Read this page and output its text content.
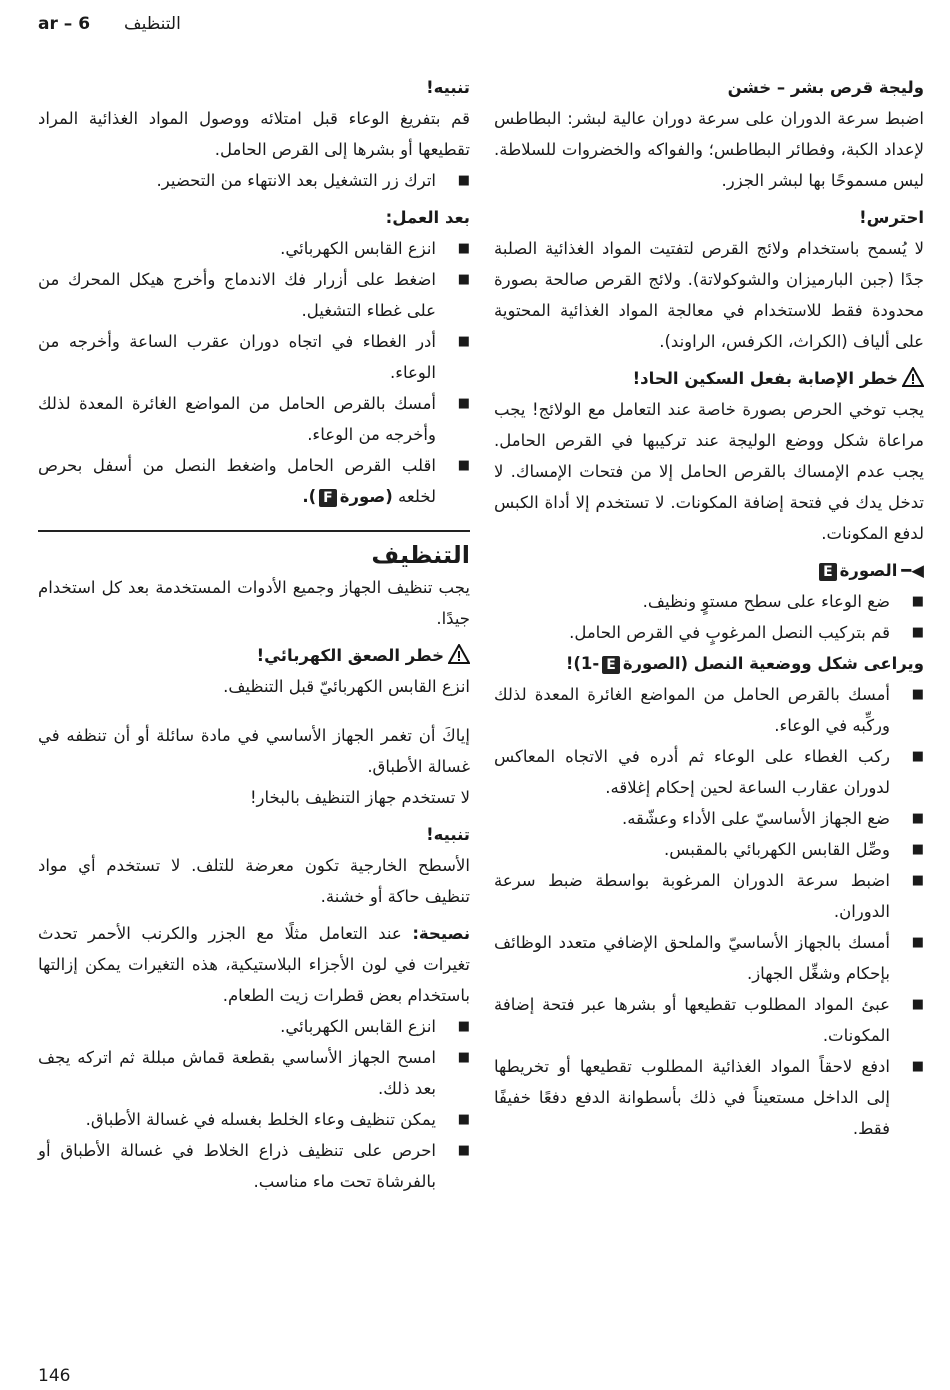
ar – 6 التنظيف

وليجة قرص بشر – خشن

اضبط سرعة الدوران على سرعة دوران عالية لبشر: البطاطس لإعداد الكبة، وفطائر البطاطس؛ والفواكه والخضروات للسلاطة. ليس مسموحًا بها لبشر الجزر.

احترس!

لا يُسمح باستخدام ولائج القرص لتفتيت المواد الغذائية الصلبة جدًا (جبن البارميزان والشوكولاتة). ولائج القرص صالحة بصورة محدودة فقط للاستخدام في معالجة المواد الغذائية المحتوية على ألياف (الكراث، الكرفس، الراوند).

خطر الإصابة بفعل السكين الحاد!

يجب توخي الحرص بصورة خاصة عند التعامل مع الولائج! يجب مراعاة شكل ووضع الوليجة عند تركيبها في القرص الحامل. يجب عدم الإمساك بالقرص الحامل إلا من فتحات الإمساك. لا تدخل يدك في فتحة إضافة المكونات. لا تستخدم إلا أداة الكبس لدفع المكونات.

◀━الصورةE

■ ضع الوعاء على سطح مستوٍ ونظيف.
■ قم بتركيب النصل المرغوبٍ في القرص الحامل.

ويراعى شكل ووضعية النصل (الصورةE-1)!

■ أمسك بالقرص الحامل من المواضع الغائرة المعدة لذلك وركِّبه في الوعاء.
■ ركب الغطاء على الوعاء ثم أدره في الاتجاه المعاكس لدوران عقارب الساعة لحين إحكام إغلاقه.
■ ضع الجهاز الأساسيّ على الأداء وعشّقه.
■ وصِّل القابس الكهربائي بالمقبس.
■ اضبط سرعة الدوران المرغوبة بواسطة ضبط سرعة الدوران.
■ أمسك بالجهاز الأساسيّ والملحق الإضافي متعدد الوظائف بإحكام وشغِّل الجهاز.
■ عبئ المواد المطلوب تقطيعها أو بشرها عبر فتحة إضافة المكونات.
■ ادفع لاحقاً المواد الغذائية المطلوب تقطيعها أو تخريطها إلى الداخل مستعيناً في ذلك بأسطوانة الدفع دفعًا خفيفًا فقط.

تنبيه!

قم بتفريغ الوعاء قبل امتلائه ووصول المواد الغذائية المراد تقطيعها أو بشرها إلى القرص الحامل.

■ اترك زر التشغيل بعد الانتهاء من التحضير.

بعد العمل:

■ انزع القابس الكهربائي.
■ اضغط على أزرار فك الاندماج وأخرج هيكل المحرك من على غطاء التشغيل.
■ أدر الغطاء في اتجاه دوران عقرب الساعة وأخرجه من الوعاء.
■ أمسك بالقرص الحامل من المواضع الغائرة المعدة لذلك وأخرجه من الوعاء.
■ اقلب القرص الحامل واضغط النصل من أسفل بحرص لخلعه (صورةF).

التنظيف

يجب تنظيف الجهاز وجميع الأدوات المستخدمة بعد كل استخدام جيدًا.

خطر الصعق الكهربائي!

انزع القابس الكهربائيّ قبل التنظيف.

إياكَ أن تغمر الجهاز الأساسي في مادة سائلة أو أن تنظفه في غسالة الأطباق.

لا تستخدم جهاز التنظيف بالبخار!

تنبيه!

الأسطح الخارجية تكون معرضة للتلف. لا تستخدم أي مواد تنظيف حاكة أو خشنة.

نصيحة: عند التعامل مثلًا مع الجزر والكرنب الأحمر تحدث تغيرات في لون الأجزاء البلاستيكية، هذه التغيرات يمكن إزالتها باستخدام بعض قطرات زيت الطعام.

■ انزع القابس الكهربائي.
■ امسح الجهاز الأساسي بقطعة قماش مبللة ثم اتركه يجف بعد ذلك.
■ يمكن تنظيف وعاء الخلط بغسله في غسالة الأطباق.
■ احرص على تنظيف ذراع الخلاط في غسالة الأطباق أو بالفرشاة تحت ماء مناسب.
146
